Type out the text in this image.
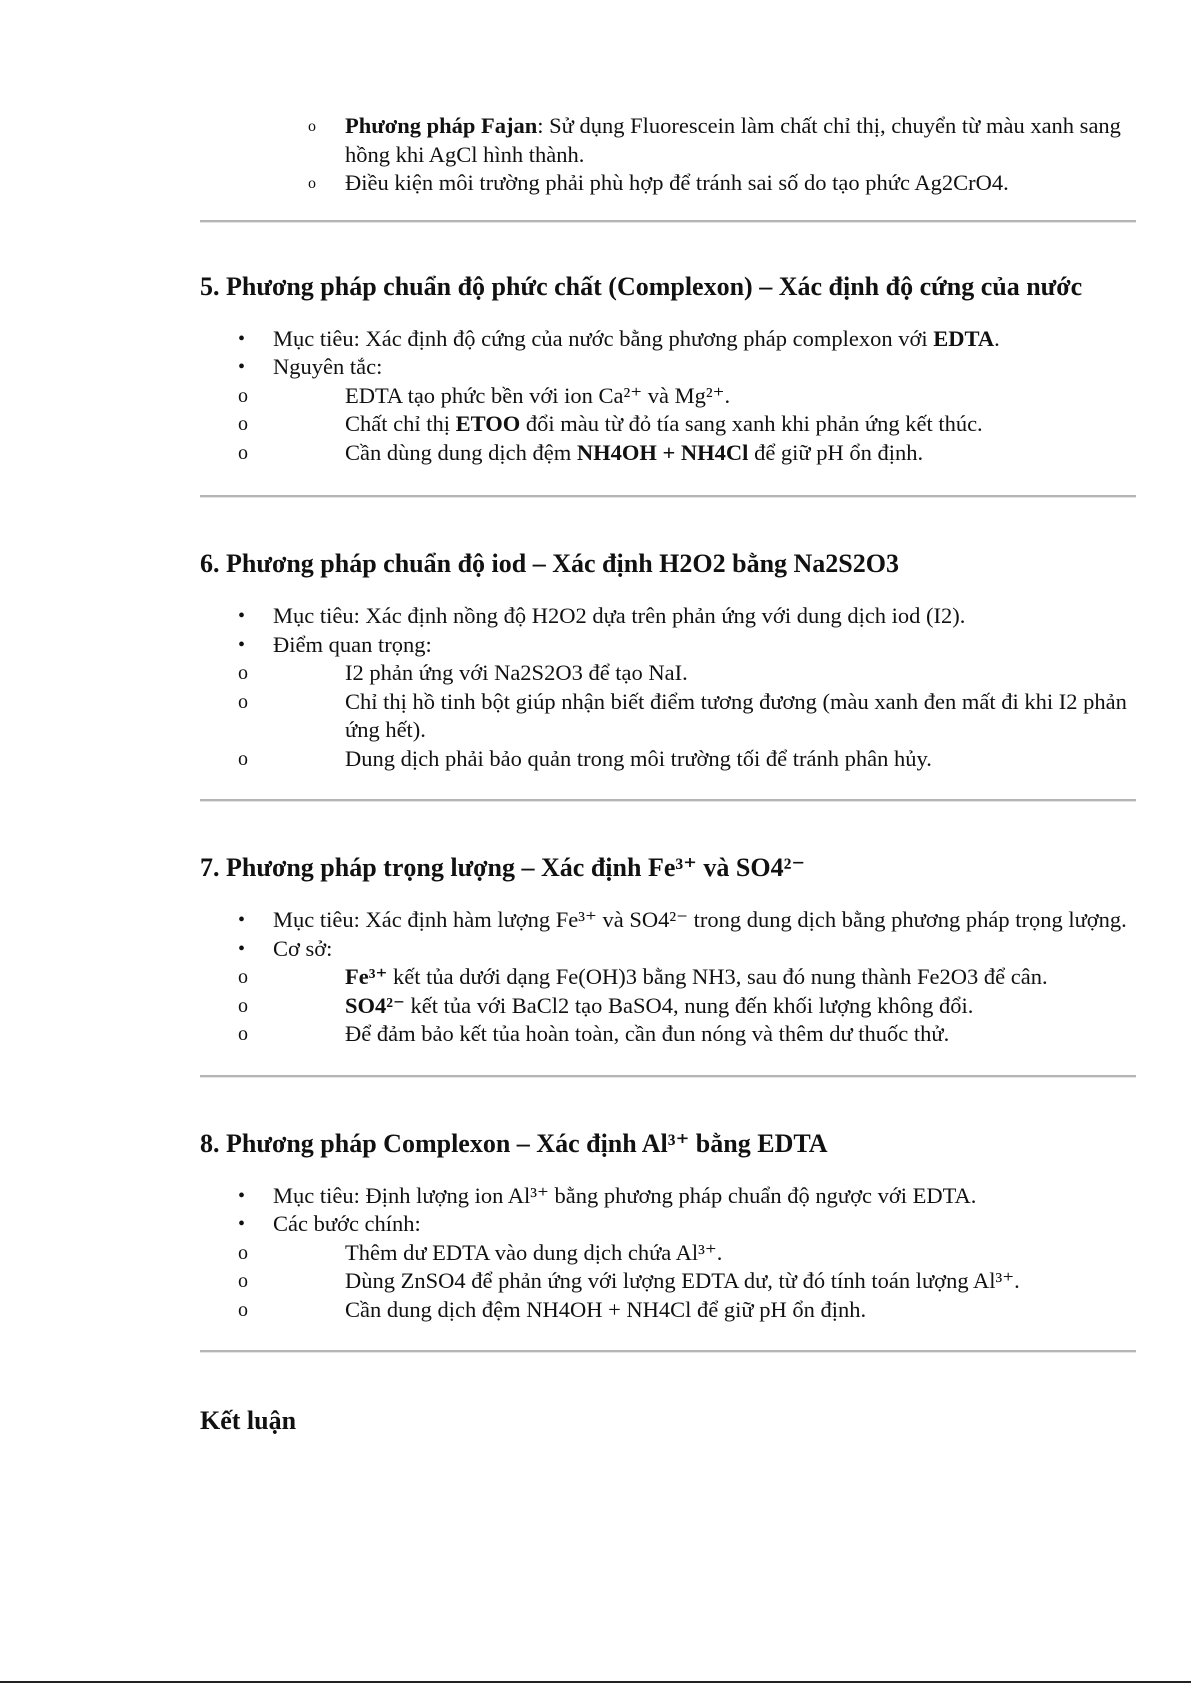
o Phương pháp Fajan: Sử dụng Fluorescein làm chất chỉ thị, chuyển từ màu xanh sang hồng khi AgCl hình thành.
o Điều kiện môi trường phải phù hợp để tránh sai số do tạo phức Ag2CrO4.
5. Phương pháp chuẩn độ phức chất (Complexon) – Xác định độ cứng của nước
• Mục tiêu: Xác định độ cứng của nước bằng phương pháp complexon với EDTA.
• Nguyên tắc:
o	EDTA tạo phức bền với ion Ca²⁺ và Mg²⁺.
o	Chất chỉ thị ETOO đổi màu từ đỏ tía sang xanh khi phản ứng kết thúc.
o	Cần dùng dung dịch đệm NH4OH + NH4Cl để giữ pH ổn định.
6. Phương pháp chuẩn độ iod – Xác định H2O2 bằng Na2S2O3
• Mục tiêu: Xác định nồng độ H2O2 dựa trên phản ứng với dung dịch iod (I2).
• Điểm quan trọng:
o	I2 phản ứng với Na2S2O3 để tạo NaI.
o	Chỉ thị hồ tinh bột giúp nhận biết điểm tương đương (màu xanh đen mất đi khi I2 phản ứng hết).
o	Dung dịch phải bảo quản trong môi trường tối để tránh phân hủy.
7. Phương pháp trọng lượng – Xác định Fe³⁺ và SO4²⁻
• Mục tiêu: Xác định hàm lượng Fe³⁺ và SO4²⁻ trong dung dịch bằng phương pháp trọng lượng.
• Cơ sở:
o	Fe³⁺ kết tủa dưới dạng Fe(OH)3 bằng NH3, sau đó nung thành Fe2O3 để cân.
o	SO4²⁻ kết tủa với BaCl2 tạo BaSO4, nung đến khối lượng không đổi.
o	Để đảm bảo kết tủa hoàn toàn, cần đun nóng và thêm dư thuốc thử.
8. Phương pháp Complexon – Xác định Al³⁺ bằng EDTA
• Mục tiêu: Định lượng ion Al³⁺ bằng phương pháp chuẩn độ ngược với EDTA.
• Các bước chính:
o	Thêm dư EDTA vào dung dịch chứa Al³⁺.
o	Dùng ZnSO4 để phản ứng với lượng EDTA dư, từ đó tính toán lượng Al³⁺.
o	Cần dung dịch đệm NH4OH + NH4Cl để giữ pH ổn định.
Kết luận
